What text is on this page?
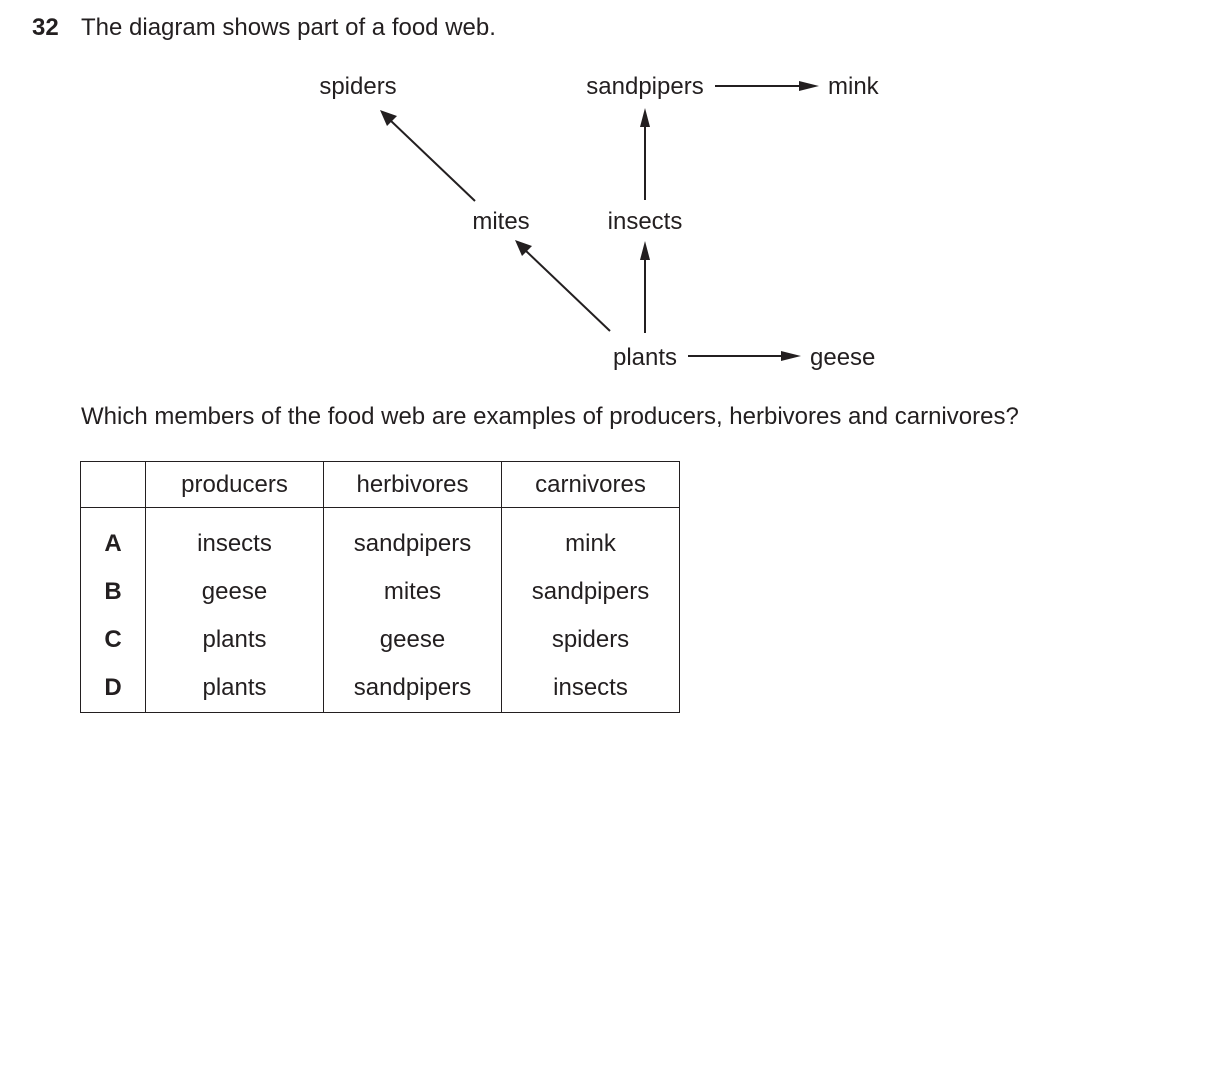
32 The diagram shows part of a food web.
spiders	sandpipers	mink
mites	insects
plants	geese
Which members of the food web are examples of producers, herbivores and carnivores?
	producers	herbivores	carnivores
A	insects	sandpipers	mink
B	geese	mites	sandpipers
C	plants	geese	spiders
D	plants	sandpipers	insects
